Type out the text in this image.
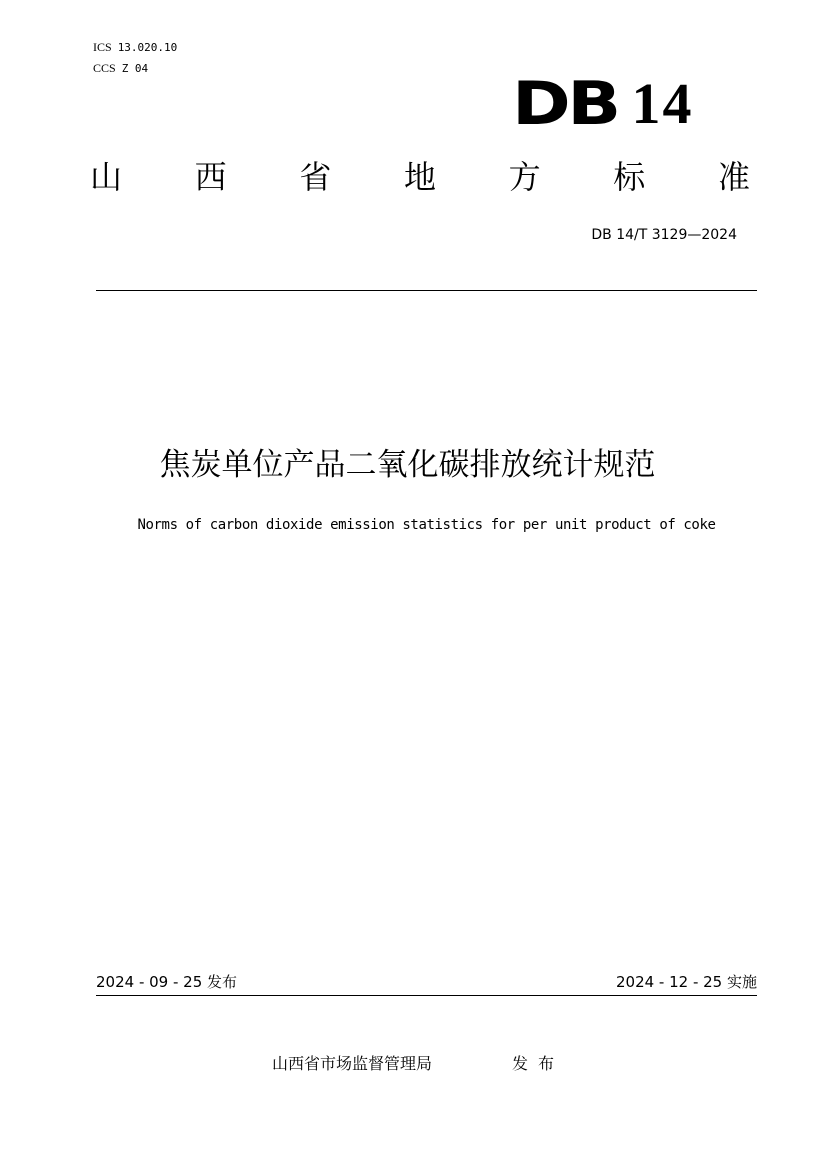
ICS 13.020.10
CCS Z 04
DB 14
山 西 省 地 方 标 准
DB 14/T 3129—2024
焦炭单位产品二氧化碳排放统计规范
Norms of carbon dioxide emission statistics for per unit product of coke
2024 - 09 - 25 发布	2024 - 12 - 25 实施
山西省市场监督管理局	发布
